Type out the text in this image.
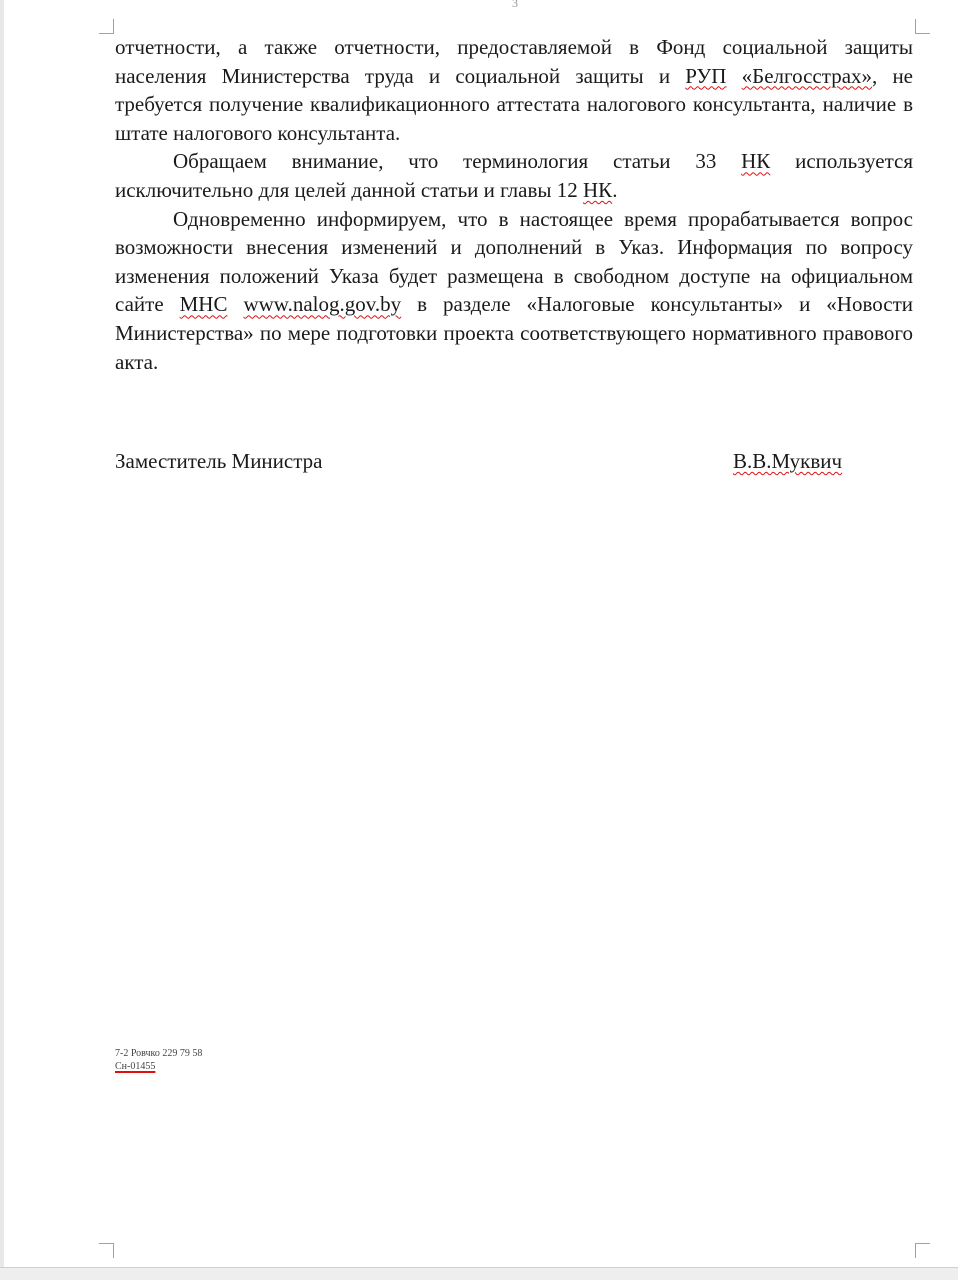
3

отчетности, а также отчетности, предоставляемой в Фонд социальной защиты населения Министерства труда и социальной защиты и РУП «Белгосстрах», не требуется получение квалификационного аттестата налогового консультанта, наличие в штате налогового консультанта.

Обращаем внимание, что терминология статьи 33 НК используется исключительно для целей данной статьи и главы 12 НК.

Одновременно информируем, что в настоящее время прорабатывается вопрос возможности внесения изменений и дополнений в Указ. Информация по вопросу изменения положений Указа будет размещена в свободном доступе на официальном сайте МНС www.nalog.gov.by в разделе «Налоговые консультанты» и «Новости Министерства» по мере подготовки проекта соответствующего нормативного правового акта.

Заместитель Министра	В.В.Муквич
7-2 Ровчко 229 79 58
Сн-01455
